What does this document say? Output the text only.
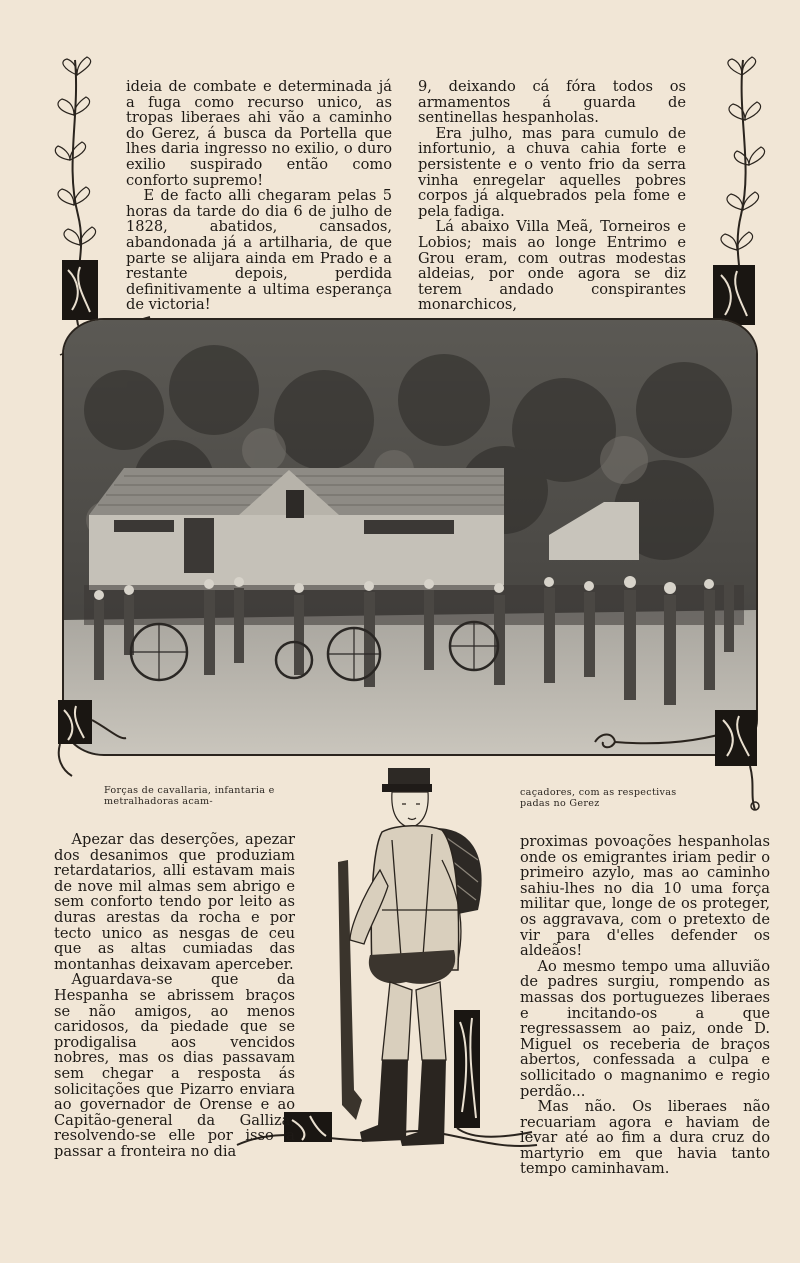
ideia de combate e determinada já a fuga como recurso unico, as tropas liberaes ahi vão a caminho do Gerez, á busca da Portella que lhes daria ingresso no exilio, o duro exilio suspirado então como conforto supremo!

E de facto alli chegaram pelas 5 horas da tarde do dia 6 de julho de 1828, abatidos, cansados, abandonada já a artilharia, de que parte se alijara ainda em Prado e a restante depois, perdida definitivamente a ultima esperança de victoria!

9, deixando cá fóra todos os armamentos á guarda de sentinellas hespanholas.

Era julho, mas para cumulo de infortunio, a chuva cahia forte e persistente e o vento frio da serra vinha enregelar aquelles pobres corpos já alquebrados pela fome e pela fadiga.

Lá abaixo Villa Meã, Torneiros e Lobios; mais ao longe Entrimo e Grou eram, com outras modestas aldeias, por onde agora se diz terem andado conspirantes monarchicos,

Forças de cavallaria, infantaria e metralhadoras acam-

caçadores, com as respectivas padas no Gerez

Apezar das deserções, apezar dos desanimos que produziam retardatarios, alli estavam mais de nove mil almas sem abrigo e sem conforto tendo por leito as duras arestas da rocha e por tecto unico as nesgas de ceu que as altas cumiadas das montanhas deixavam aperceber.

Aguardava-se que da Hespanha se abrissem braços se não amigos, ao menos caridosos, da piedade que se prodigalisa aos vencidos nobres, mas os dias passavam sem chegar a resposta ás solicitações que Pizarro enviara ao governador de Orense e ao Capitão-general da Galliza, resolvendo-se elle por isso a passar a fronteira no dia

proximas povoações hespanholas onde os emigrantes iriam pedir o primeiro azylo, mas ao caminho sahiu-lhes no dia 10 uma força militar que, longe de os proteger, os aggravava, com o pretexto de vir para d'elles defender os aldeãos!

Ao mesmo tempo uma alluvião de padres surgiu, rompendo as massas dos portuguezes liberaes e incitando-os a que regressassem ao paiz, onde D. Miguel os receberia de braços abertos, confessada a culpa e sollicitado o magnanimo e regio perdão...

Mas não. Os liberaes não recuariam agora e haviam de levar até ao fim a dura cruz do martyrio em que havia tanto tempo caminhavam.
